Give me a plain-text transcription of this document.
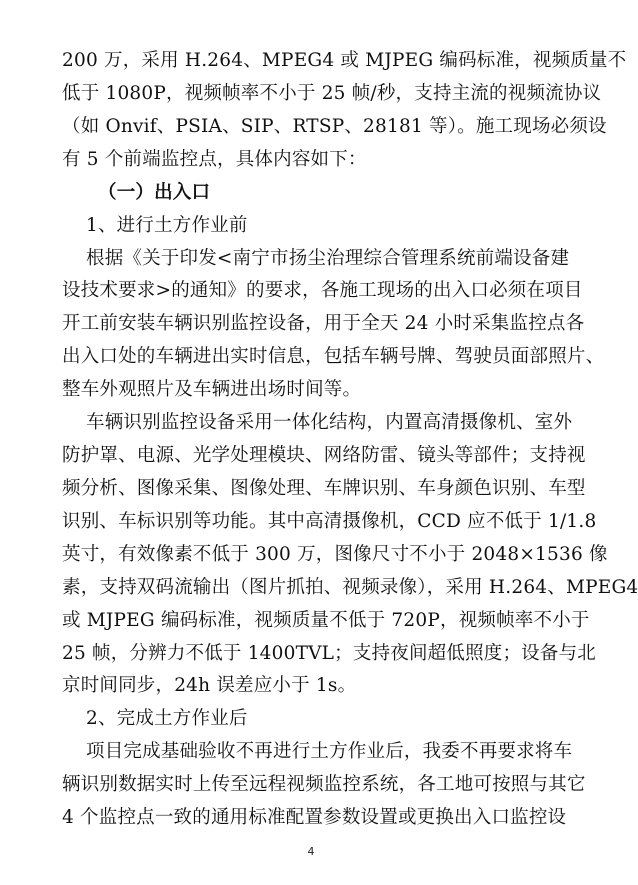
200 万，采用 H.264、MPEG4 或 MJPEG 编码标准，视频质量不
低于 1080P，视频帧率不小于 25 帧/秒，支持主流的视频流协议
（如 Onvif、PSIA、SIP、RTSP、28181 等）。施工现场必须设
有 5 个前端监控点，具体内容如下：
（一）出入口
1、进行土方作业前
根据《关于印发<南宁市扬尘治理综合管理系统前端设备建
设技术要求>的通知》的要求，各施工现场的出入口必须在项目
开工前安装车辆识别监控设备，用于全天 24 小时采集监控点各
出入口处的车辆进出实时信息，包括车辆号牌、驾驶员面部照片、
整车外观照片及车辆进出场时间等。
车辆识别监控设备采用一体化结构，内置高清摄像机、室外
防护罩、电源、光学处理模块、网络防雷、镜头等部件；支持视
频分析、图像采集、图像处理、车牌识别、车身颜色识别、车型
识别、车标识别等功能。其中高清摄像机，CCD 应不低于 1/1.8
英寸，有效像素不低于 300 万，图像尺寸不小于 2048×1536 像
素，支持双码流输出（图片抓拍、视频录像），采用 H.264、MPEG4
或 MJPEG 编码标准，视频质量不低于 720P，视频帧率不小于
25 帧，分辨力不低于 1400TVL；支持夜间超低照度；设备与北
京时间同步，24h 误差应小于 1s。
2、完成土方作业后
项目完成基础验收不再进行土方作业后，我委不再要求将车
辆识别数据实时上传至远程视频监控系统，各工地可按照与其它
4 个监控点一致的通用标准配置参数设置或更换出入口监控设
4
